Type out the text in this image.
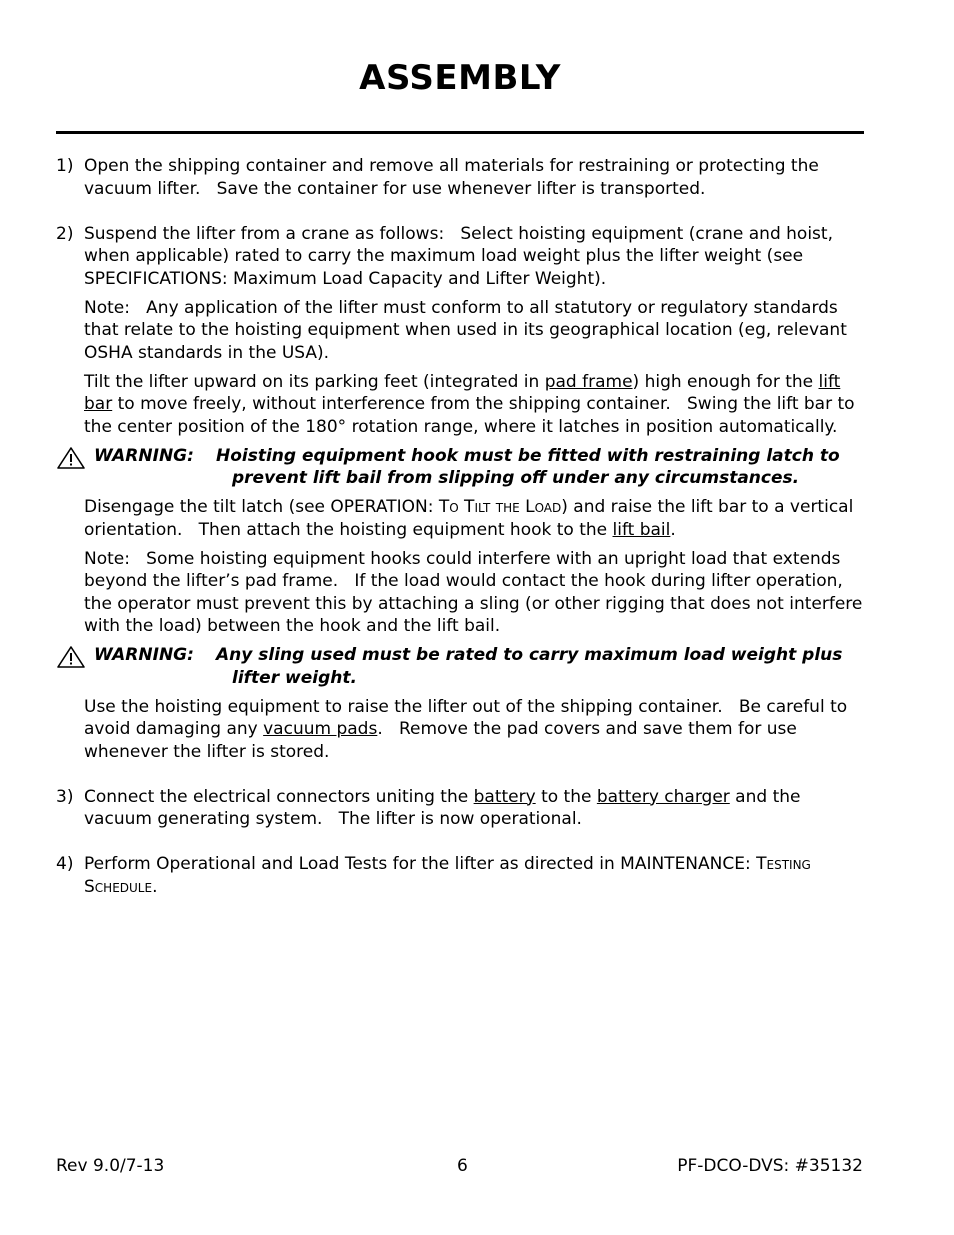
ASSEMBLY
1) Open the shipping container and remove all materials for restraining or protecting the vacuum lifter.   Save the container for use whenever lifter is transported.

2) Suspend the lifter from a crane as follows:   Select hoisting equipment (crane and hoist, when applicable) rated to carry the maximum load weight plus the lifter weight (see SPECIFICATIONS: Maximum Load Capacity and Lifter Weight).

Note:   Any application of the lifter must conform to all statutory or regulatory standards that relate to the hoisting equipment when used in its geographical location (eg, relevant OSHA standards in the USA).

Tilt the lifter upward on its parking feet (integrated in pad frame) high enough for the lift bar to move freely, without interference from the shipping container.   Swing the lift bar to the center position of the 180° rotation range, where it latches in position automatically.

WARNING:	Hoisting equipment hook must be fitted with restraining latch to
prevent lift bail from slipping off under any circumstances.

Disengage the tilt latch (see OPERATION: To Tilt the Load) and raise the lift bar to a vertical orientation.   Then attach the hoisting equipment hook to the lift bail.

Note:   Some hoisting equipment hooks could interfere with an upright load that extends beyond the lifter’s pad frame.   If the load would contact the hook during lifter operation, the operator must prevent this by attaching a sling (or other rigging that does not interfere with the load) between the hook and the lift bail.

WARNING:	Any sling used must be rated to carry maximum load weight plus
lifter weight.

Use the hoisting equipment to raise the lifter out of the shipping container.   Be careful to avoid damaging any vacuum pads.   Remove the pad covers and save them for use whenever the lifter is stored.

3) Connect the electrical connectors uniting the battery to the battery charger and the vacuum generating system.   The lifter is now operational.

4) Perform Operational and Load Tests for the lifter as directed in MAINTENANCE: Testing Schedule.

Rev 9.0/7-13	6	PF-DCO-DVS: #35132
